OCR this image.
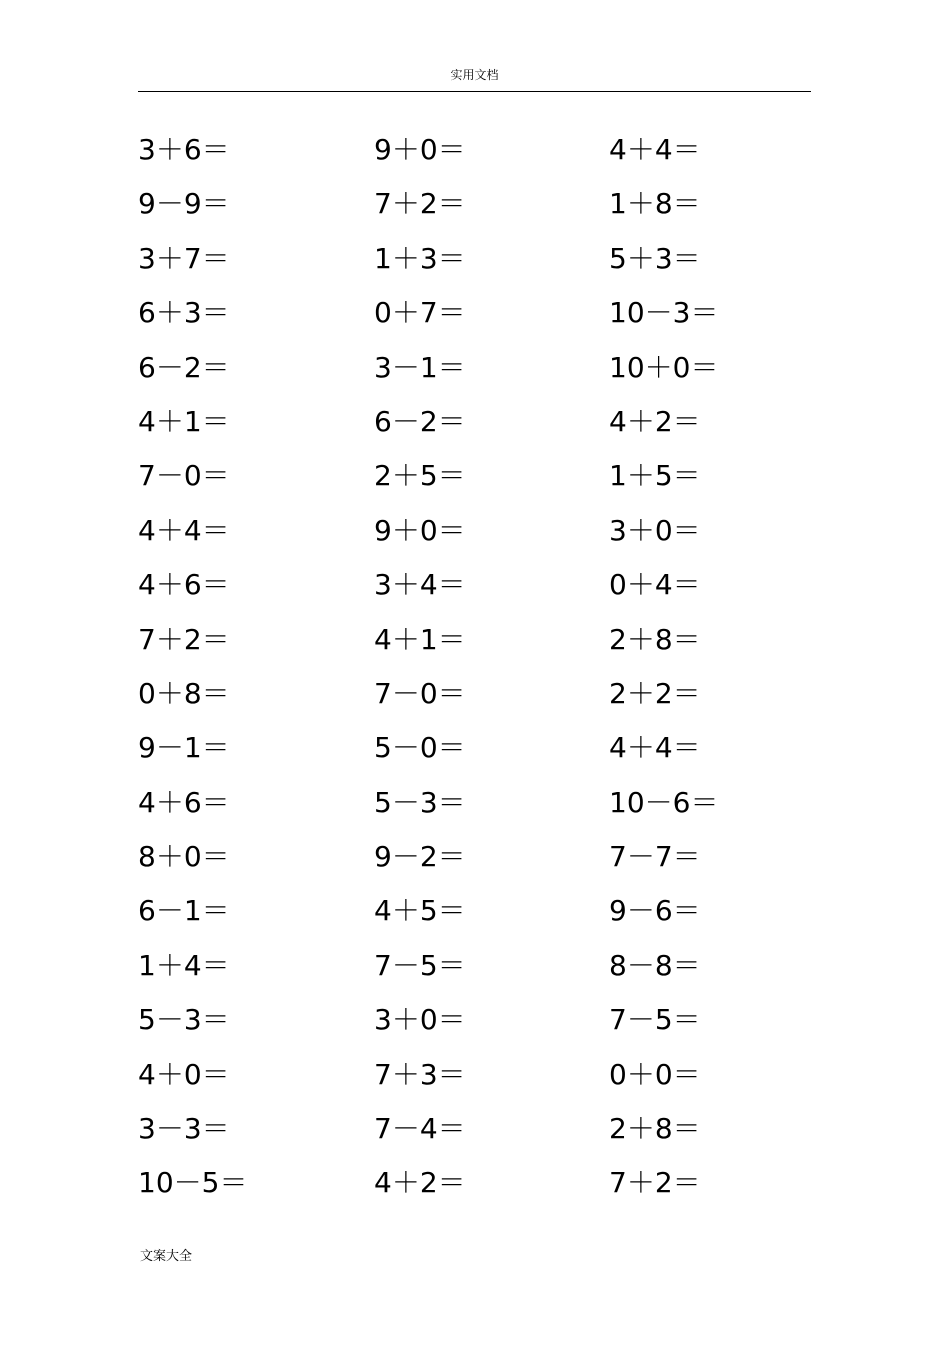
实用文档
3＋6＝	9＋0＝	4＋4＝
9－9＝	7＋2＝	1＋8＝
3＋7＝	1＋3＝	5＋3＝
6＋3＝	0＋7＝	10－3＝
6－2＝	3－1＝	10＋0＝
4＋1＝	6－2＝	4＋2＝
7－0＝	2＋5＝	1＋5＝
4＋4＝	9＋0＝	3＋0＝
4＋6＝	3＋4＝	0＋4＝
7＋2＝	4＋1＝	2＋8＝
0＋8＝	7－0＝	2＋2＝
9－1＝	5－0＝	4＋4＝
4＋6＝	5－3＝	10－6＝
8＋0＝	9－2＝	7－7＝
6－1＝	4＋5＝	9－6＝
1＋4＝	7－5＝	8－8＝
5－3＝	3＋0＝	7－5＝
4＋0＝	7＋3＝	0＋0＝
3－3＝	7－4＝	2＋8＝
10－5＝	4＋2＝	7＋2＝
文案大全
